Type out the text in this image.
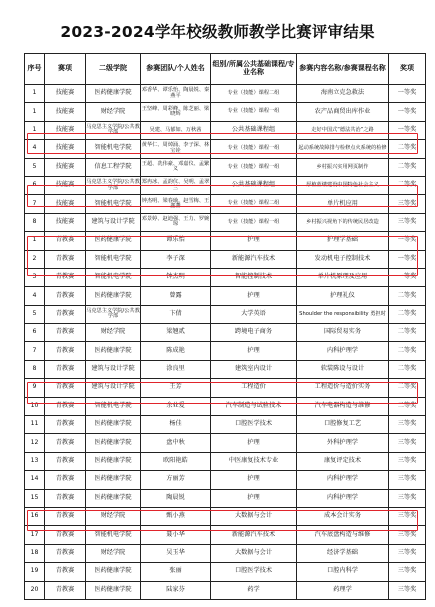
2023-2024学年校级教师教学比赛评审结果
序号	赛项	二级学院	参赛团队/个人姓名	组别/所属公共基础课程/专业名称	参赛内容名称/参赛课程名称	奖项
1	技能赛	医药健康学院	邓香华、谭乐怡、陶晨锐、秦燕平	专业（技能）课程二组	海南立克急救法	一等奖
1	技能赛	财经学院	王坚峰、周彩峰、陈芝丽、梁晓辉	专业（技能）课程一组	农产品商贸出库作业	一等奖
1	技能赛	马克思主义学院/公共教学部	吴建、马郁如、万秋茜	公共基础课程组	走好中国式“德法共治”之路	一等奖
4	技能赛	智能机电学院	黄华仁、周焯涌、李子深、林宝铨	专业（技能）课程一组	起动系统故障排与检修点火系统的检修	二等奖
5	技能赛	信息工程学院	王超、冼伟豪、邓嘉仪、孟繁义	专业（技能）课程一组	乡村振兴实用网页制作	二等奖
6	技能赛	马克思主义学院/公共教学部	郑冉冰、孟韵仪、吴明、孟翠兰	公共基础课程组	厚植蓝缕建设中国特色社会主义	二等奖
7	技能赛	智能机电学院	钟杰明、梁春瑜、赵雪梅、王鑫蕃	专业（技能）课程二组	单片机应用	三等奖
8	技能赛	建筑与设计学院	邓景婷、赵迪强、王力、罗婉琼	专业（技能）课程一组	乡村振兴视角下的传统民居改造	三等奖
1	青教赛	医药健康学院	谭乐怡	护理	护理学基础	一等奖
2	青教赛	智能机电学院	李子深	新能源汽车技术	发动机电子控制技术	一等奖
3	青教赛	智能机电学院	钟杰明	智能控制技术	单片机原理及应用	一等奖
4	青教赛	医药健康学院	曾露	护理	护理礼仪	二等奖
5	青教赛	马克思主义学院/公共教学部	卞倩	大学英语	Shoulder the responsibility 勇担时	二等奖
6	青教赛	财经学院	梁翘贰	跨境电子商务	国际贸易实务	二等奖
7	青教赛	医药健康学院	陈成艳	护理	内科护理学	二等奖
8	青教赛	建筑与设计学院	涂良里	建筑室内设计	软装陈设与设计	二等奖
9	青教赛	建筑与设计学院	王芳	工程造价	工程造价与造价实务	二等奖
10	青教赛	智能机电学院	余业爱	汽车制造与试验技术	汽车电器构造与维修	二等奖
11	青教赛	医药健康学院	杨佳	口腔医学技术	口腔修复工艺	三等奖
12	青教赛	医药健康学院	盘中秋	护理	外科护理学	三等奖
13	青教赛	医药健康学院	欧阳艳皓	中医康复技术专业	康复评定技术	三等奖
14	青教赛	医药健康学院	方丽芳	护理	内科护理学	三等奖
15	青教赛	医药健康学院	陶晨锐	护理	内科护理学	三等奖
16	青教赛	财经学院	甄小燕	大数据与会计	成本会计实务	三等奖
17	青教赛	智能机电学院	聂小华	新能源汽车技术	汽车底盘构造与维修	三等奖
18	青教赛	财经学院	吴玉华	大数据与会计	经济学基础	三等奖
19	青教赛	医药健康学院	张丽	口腔医学技术	口腔内科学	三等奖
20	青教赛	医药健康学院	陆家芬	药学	药理学	三等奖
